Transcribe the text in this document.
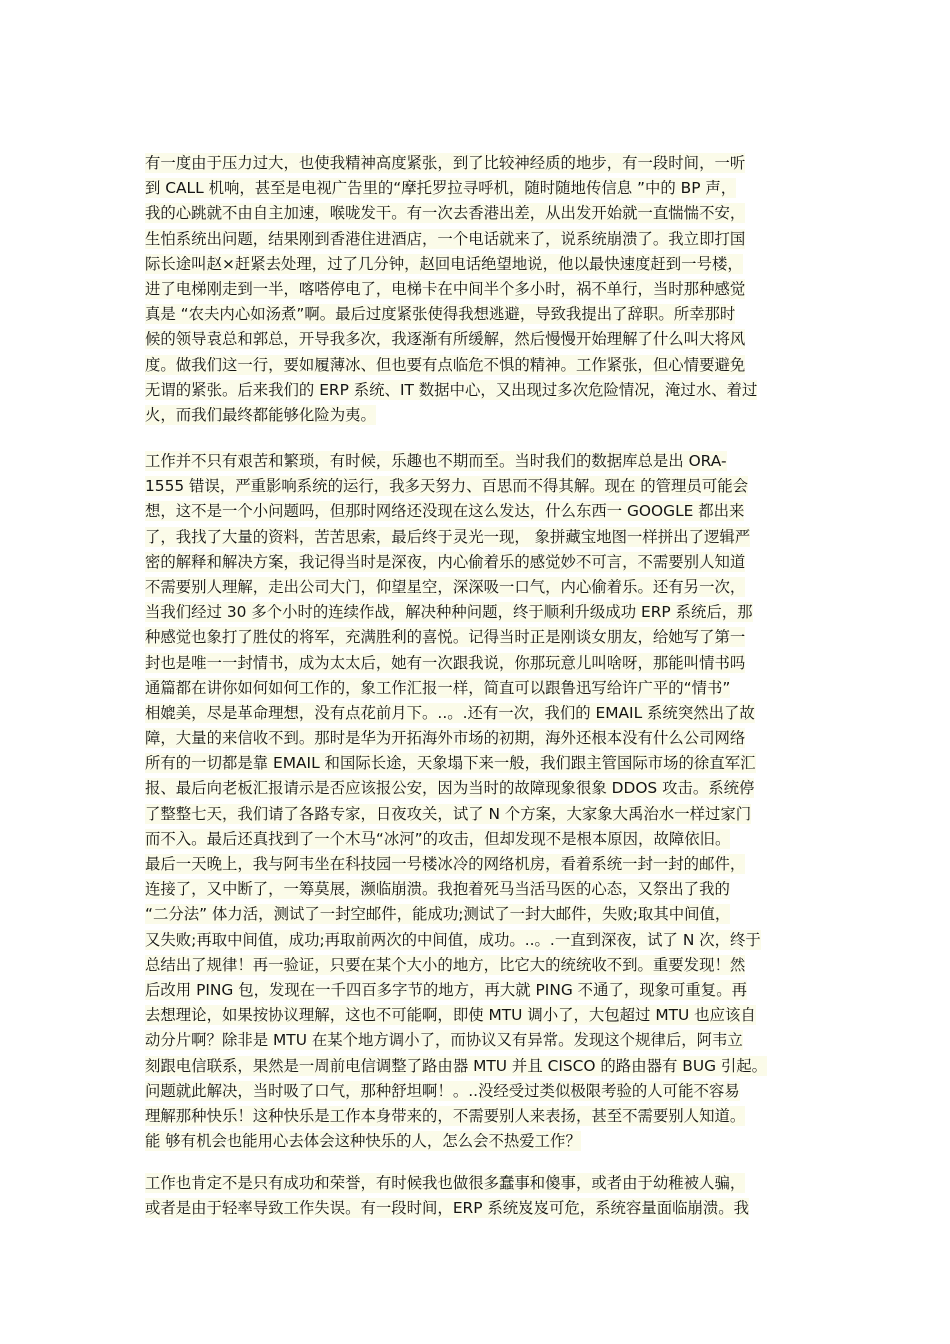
有一度由于压力过大，也使我精神高度紧张，到了比较神经质的地步，有一段时间，一听
到 CALL 机响，甚至是电视广告里的“摩托罗拉寻呼机，随时随地传信息 ”中的 BP 声，
我的心跳就不由自主加速，喉咙发干。有一次去香港出差，从出发开始就一直惴惴不安，
生怕系统出问题，结果刚到香港住进酒店，一个电话就来了，说系统崩溃了。我立即打国
际长途叫赵×赶紧去处理，过了几分钟，赵回电话绝望地说，他以最快速度赶到一号楼，
进了电梯刚走到一半，喀嗒停电了，电梯卡在中间半个多小时，祸不单行，当时那种感觉
真是 “农夫内心如汤煮”啊。最后过度紧张使得我想逃避，导致我提出了辞职。所幸那时
候的领导袁总和郭总，开导我多次，我逐渐有所缓解，然后慢慢开始理解了什么叫大将风
度。做我们这一行，要如履薄冰、但也要有点临危不惧的精神。工作紧张，但心情要避免
无谓的紧张。后来我们的 ERP 系统、IT 数据中心，又出现过多次危险情况，淹过水、着过
火，而我们最终都能够化险为夷。
工作并不只有艰苦和繁琐，有时候，乐趣也不期而至。当时我们的数据库总是出 ORA-
1555 错误，严重影响系统的运行，我多天努力、百思而不得其解。现在 的管理员可能会
想，这不是一个小问题吗，但那时网络还没现在这么发达，什么东西一 GOOGLE 都出来
了，我找了大量的资料，苦苦思索，最后终于灵光一现， 象拼藏宝地图一样拼出了逻辑严
密的解释和解决方案，我记得当时是深夜，内心偷着乐的感觉妙不可言，不需要别人知道
不需要别人理解，走出公司大门，仰望星空，深深吸一口气，内心偷着乐。还有另一次，
当我们经过 30 多个小时的连续作战，解决种种问题，终于顺利升级成功 ERP 系统后，那
种感觉也象打了胜仗的将军，充满胜利的喜悦。记得当时正是刚谈女朋友，给她写了第一
封也是唯一一封情书，成为太太后，她有一次跟我说，你那玩意儿叫啥呀，那能叫情书吗
通篇都在讲你如何如何工作的，象工作汇报一样，简直可以跟鲁迅写给许广平的“情书”
相媲美，尽是革命理想，没有点花前月下。..。.还有一次，我们的 EMAIL 系统突然出了故
障，大量的来信收不到。那时是华为开拓海外市场的初期，海外还根本没有什么公司网络
所有的一切都是靠 EMAIL 和国际长途，天象塌下来一般，我们跟主管国际市场的徐直军汇
报、最后向老板汇报请示是否应该报公安，因为当时的故障现象很象 DDOS 攻击。系统停
了整整七天，我们请了各路专家，日夜攻关，试了 N 个方案，大家象大禹治水一样过家门
而不入。最后还真找到了一个木马“冰河”的攻击，但却发现不是根本原因，故障依旧。
最后一天晚上，我与阿韦坐在科技园一号楼冰冷的网络机房，看着系统一封一封的邮件，
连接了，又中断了，一筹莫展，濒临崩溃。我抱着死马当活马医的心态，又祭出了我的
“二分法” 体力活，测试了一封空邮件，能成功;测试了一封大邮件，失败;取其中间值，
又失败;再取中间值，成功;再取前两次的中间值，成功。..。.一直到深夜，试了 N 次，终于
总结出了规律！再一验证，只要在某个大小的地方，比它大的统统收不到。重要发现！然
后改用 PING 包，发现在一千四百多字节的地方，再大就 PING 不通了，现象可重复。再
去想理论，如果按协议理解，这也不可能啊，即使 MTU 调小了，大包超过 MTU 也应该自
动分片啊？除非是 MTU 在某个地方调小了，而协议又有异常。发现这个规律后，阿韦立
刻跟电信联系，果然是一周前电信调整了路由器 MTU 并且 CISCO 的路由器有 BUG 引起。
问题就此解决，当时吸了口气，那种舒坦啊！。..没经受过类似极限考验的人可能不容易
理解那种快乐！这种快乐是工作本身带来的，不需要别人来表扬，甚至不需要别人知道。
能 够有机会也能用心去体会这种快乐的人，怎么会不热爱工作？
工作也肯定不是只有成功和荣誉，有时候我也做很多蠢事和傻事，或者由于幼稚被人骗，
或者是由于轻率导致工作失误。有一段时间，ERP 系统岌岌可危，系统容量面临崩溃。我
